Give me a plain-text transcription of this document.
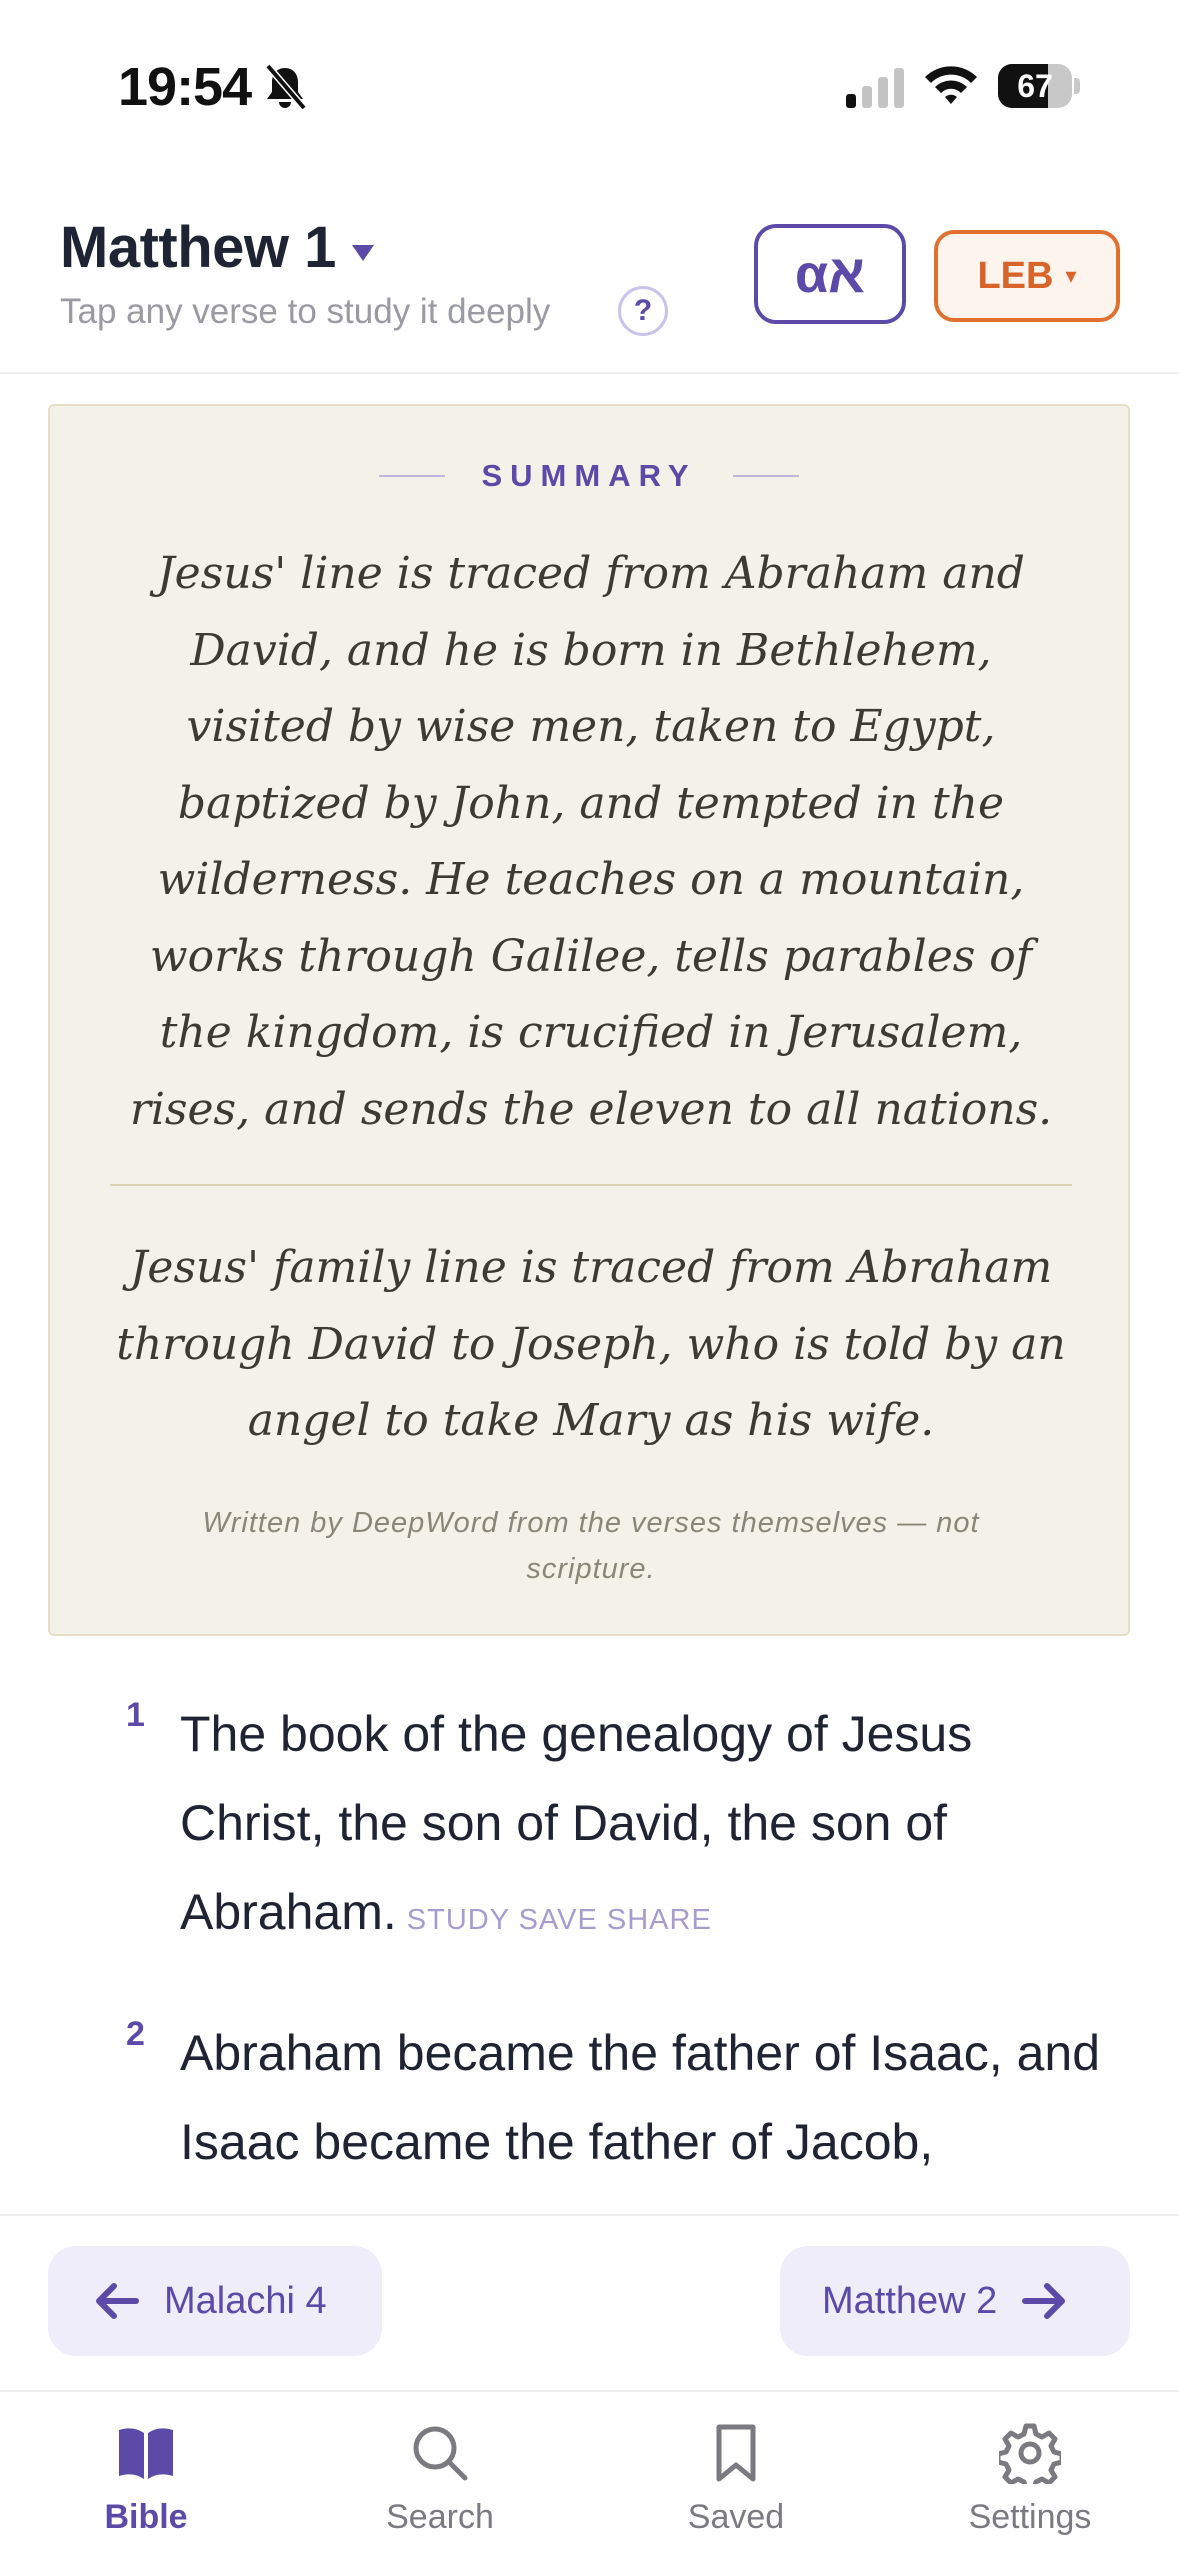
19:54	67
Matthew 1
Tap any verse to study it deeply	?
αא	LEB ▾
SUMMARY

Jesus' line is traced from Abraham and David, and he is born in Bethlehem, visited by wise men, taken to Egypt, baptized by John, and tempted in the wilderness. He teaches on a mountain, works through Galilee, tells parables of the kingdom, is crucified in Jerusalem, rises, and sends the eleven to all nations.

Jesus' family line is traced from Abraham through David to Joseph, who is told by an angel to take Mary as his wife.

Written by DeepWord from the verses themselves — not scripture.

1 The book of the genealogy of Jesus Christ, the son of David, the son of Abraham. STUDY SAVE SHARE
2 Abraham became the father of Isaac, and Isaac became the father of Jacob,
Malachi 4	Matthew 2
Bible	Search	Saved	Settings
